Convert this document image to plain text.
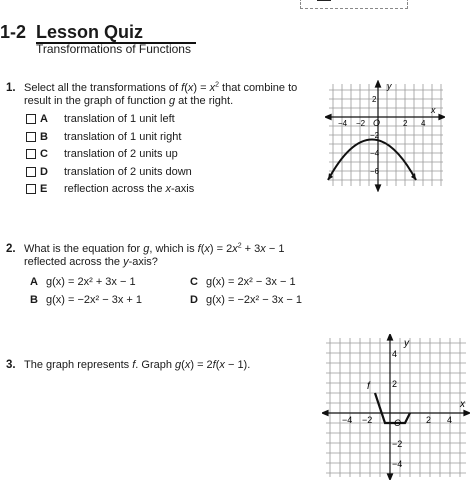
1-2 Lesson Quiz
Transformations of Functions
1. Select all the transformations of $f(x) = x^2$ that combine to
result in the graph of function g at the right.
A translation of 1 unit left
B translation of 1 unit right
C translation of 2 units up
D translation of 2 units down
E reflection across the x-axis
y
x
O
−4 −2	2 4
2
−2
−4
−6
2. What is the equation for g, which is $f(x) = 2x^2 + 3x - 1$
reflected across the y-axis?
A g(x) = 2x² + 3x − 1	C g(x) = 2x² − 3x − 1
B g(x) = −2x² − 3x + 1	D g(x) = −2x² − 3x − 1
3. The graph represents f. Graph g(x) = 2f(x − 1).
f
y
x
O
−4 −2	2 4
4
2
−2
−4
